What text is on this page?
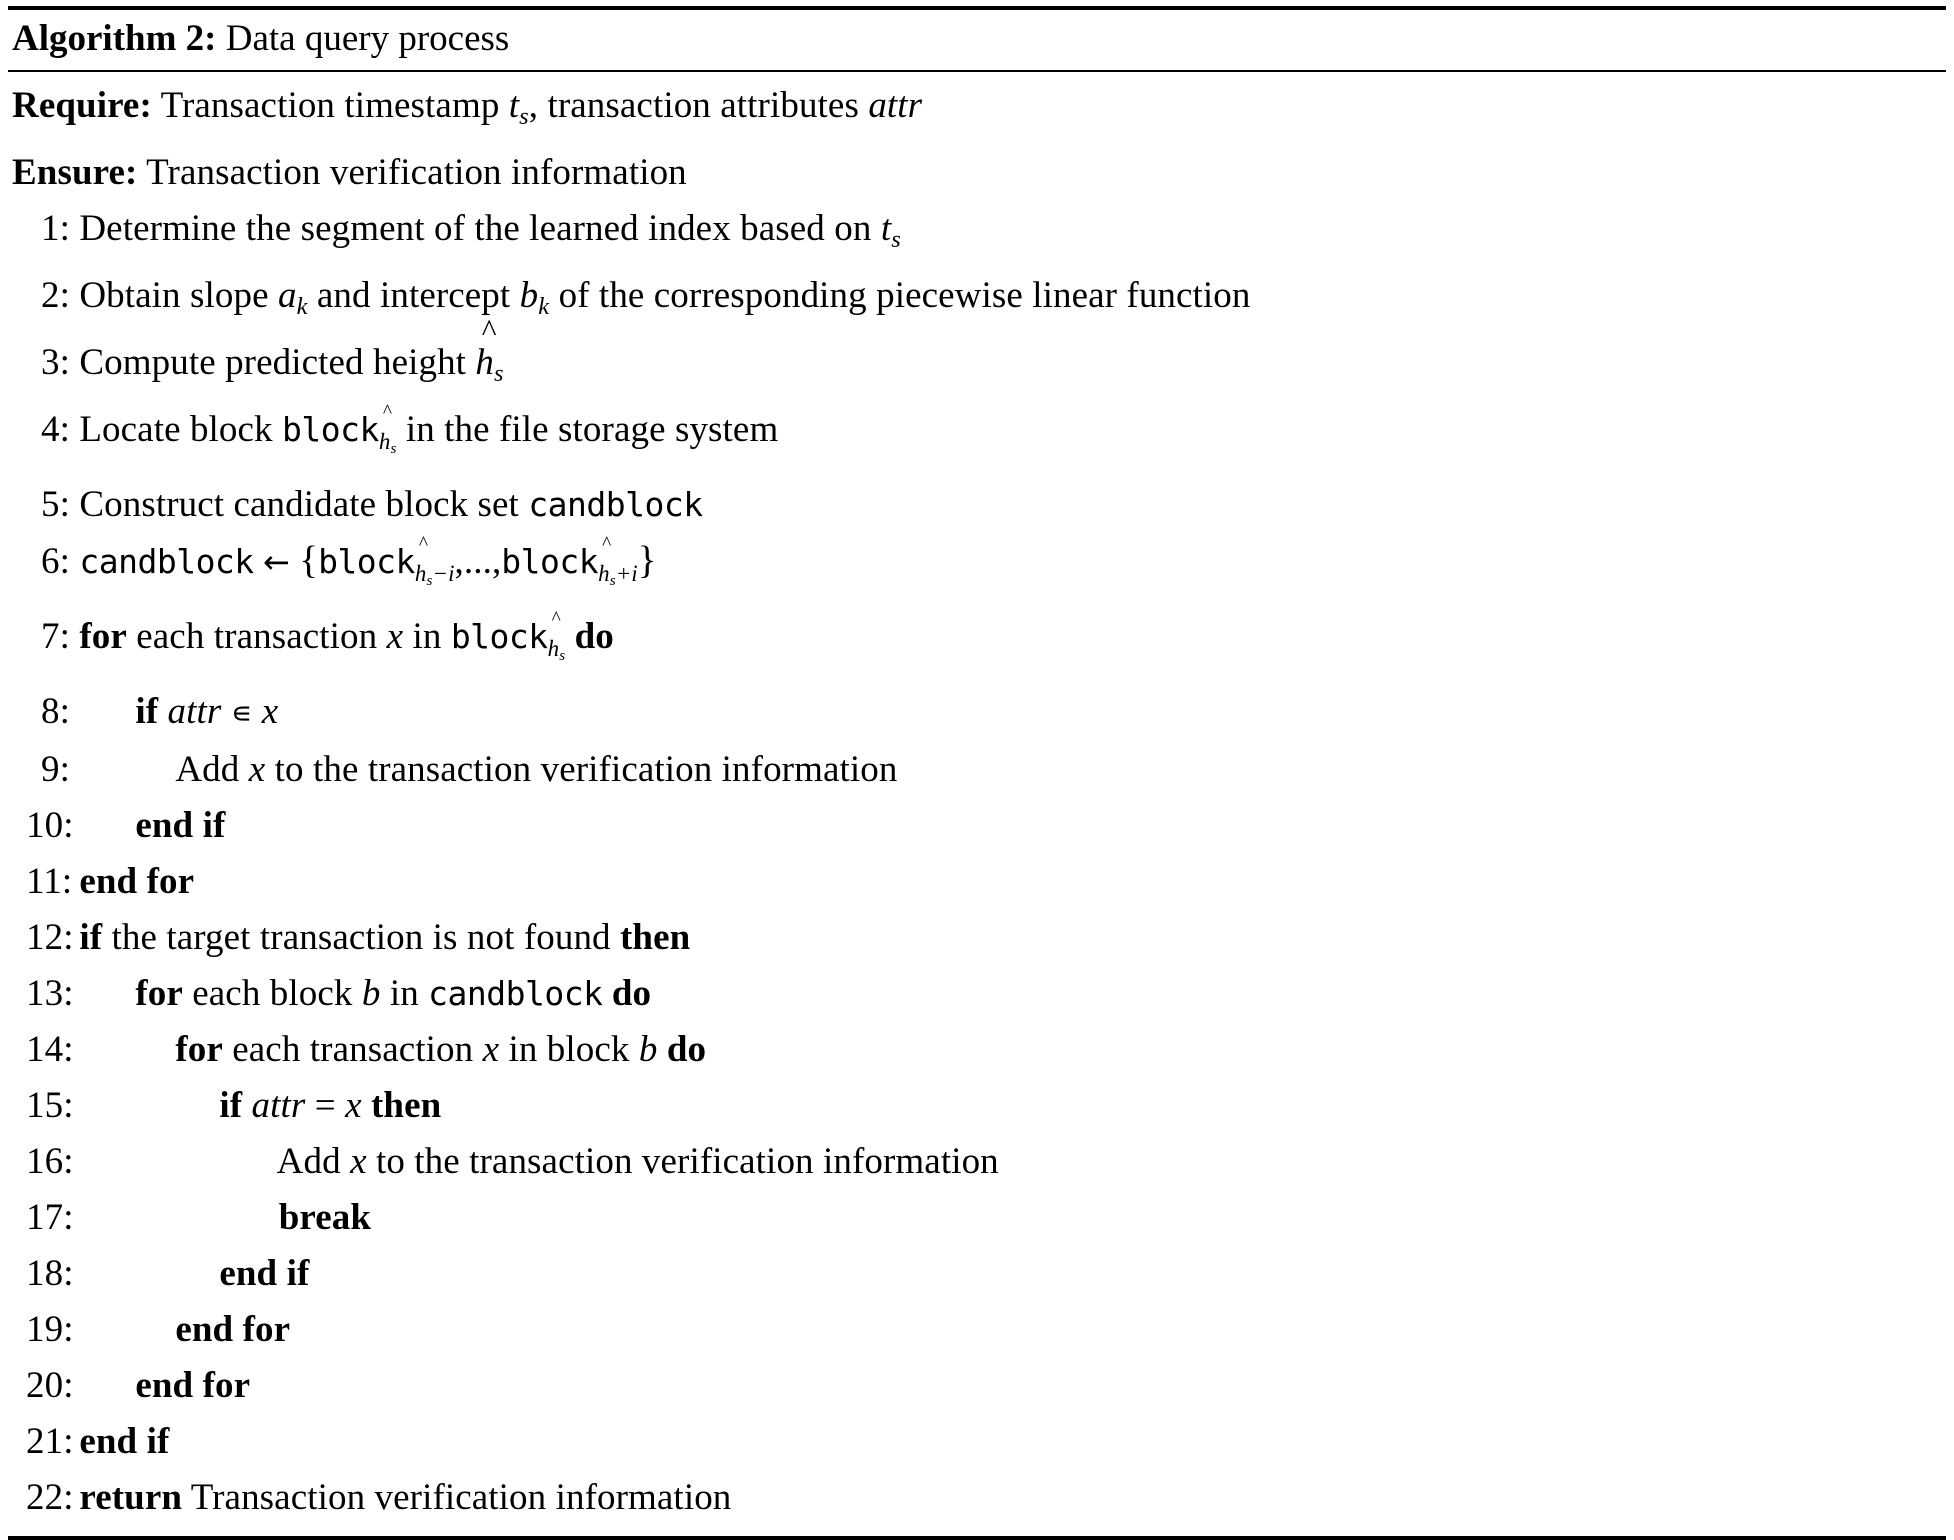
Algorithm 2: Data query process
Require: Transaction timestamp $t_s$, transaction attributes attr
Ensure: Transaction verification information
1: Determine the segment of the learned index based on $t_s$
2: Obtain slope $a_k$ and intercept $b_k$ of the corresponding piecewise linear function
3: Compute predicted height ^ $h_s$
4: Locate block block^ $_{h_s}$ in the file storage system
5: Construct candidate block set candblock
6: candblock ← {block^ $_{h_s-i}$,...,block^ $_{h_s+i}$}
7: for each transaction x in block^ $_{h_s}$ do
8: if attr ∊ x
9:	Add x to the transaction verification information
10: end if
11: end for
12: if the target transaction is not found then
13: for each block b in candblock do
14:	for each transaction x in block b do
15:	if attr = x then
16:	Add x to the transaction verification information
17:	break
18:	end if
19:	end for
20: end for
21: end if
22: return Transaction verification information
